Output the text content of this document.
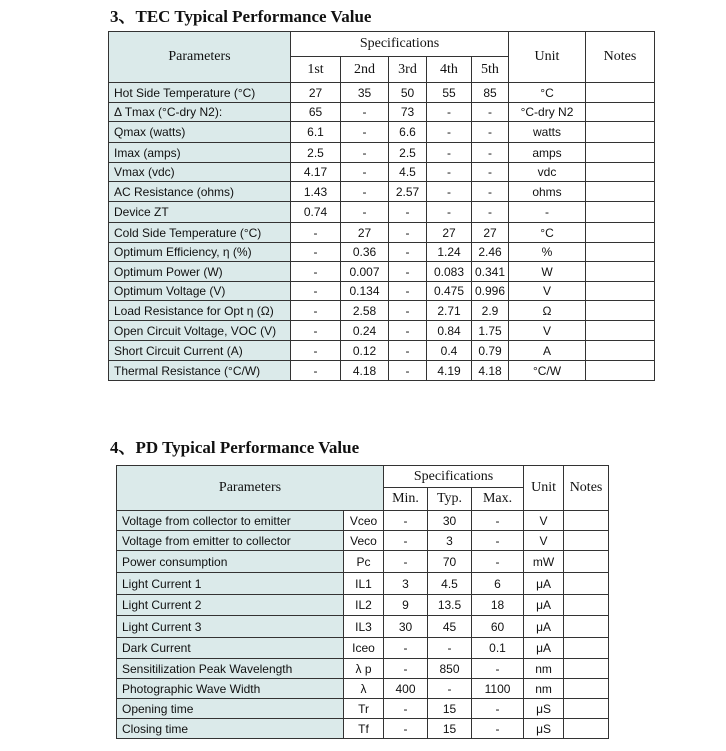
3、TEC Typical Performance Value
Parameters	Specifications					Unit	Notes
	1st	2nd	3rd	4th	5th		
Hot Side Temperature (°C)	27	35	50	55	85	°C	
Δ Tmax (°C-dry N2):	65	-	73	-	-	°C-dry N2	
Qmax (watts)	6.1	-	6.6	-	-	watts	
Imax (amps)	2.5	-	2.5	-	-	amps	
Vmax (vdc)	4.17	-	4.5	-	-	vdc	
AC Resistance (ohms)	1.43	-	2.57	-	-	ohms	
Device ZT	0.74	-	-	-	-	-	
Cold Side Temperature (°C)	-	27	-	27	27	°C	
Optimum Efficiency, η (%)	-	0.36	-	1.24	2.46	%	
Optimum Power (W)	-	0.007	-	0.083	0.341	W	
Optimum Voltage (V)	-	0.134	-	0.475	0.996	V	
Load Resistance for Opt η (Ω)	-	2.58	-	2.71	2.9	Ω	
Open Circuit Voltage, VOC (V)	-	0.24	-	0.84	1.75	V	
Short Circuit Current (A)	-	0.12	-	0.4	0.79	A	
Thermal Resistance (°C/W)	-	4.18	-	4.19	4.18	°C/W	
4、PD Typical Performance Value
Parameters		Specifications			Unit	Notes
		Min.	Typ.	Max.		
Voltage from collector to emitter	Vceo	-	30	-	V	
Voltage from emitter to collector	Veco	-	3	-	V	
Power consumption	Pc	-	70	-	mW	
Light Current 1	IL1	3	4.5	6	μA	
Light Current 2	IL2	9	13.5	18	μA	
Light Current 3	IL3	30	45	60	μA	
Dark Current	Iceo	-	-	0.1	μA	
Sensitilization Peak Wavelength	λ p	-	850	-	nm	
Photographic Wave Width	λ	400	-	1100	nm	
Opening time	Tr	-	15	-	μS	
Closing time	Tf	-	15	-	μS	
